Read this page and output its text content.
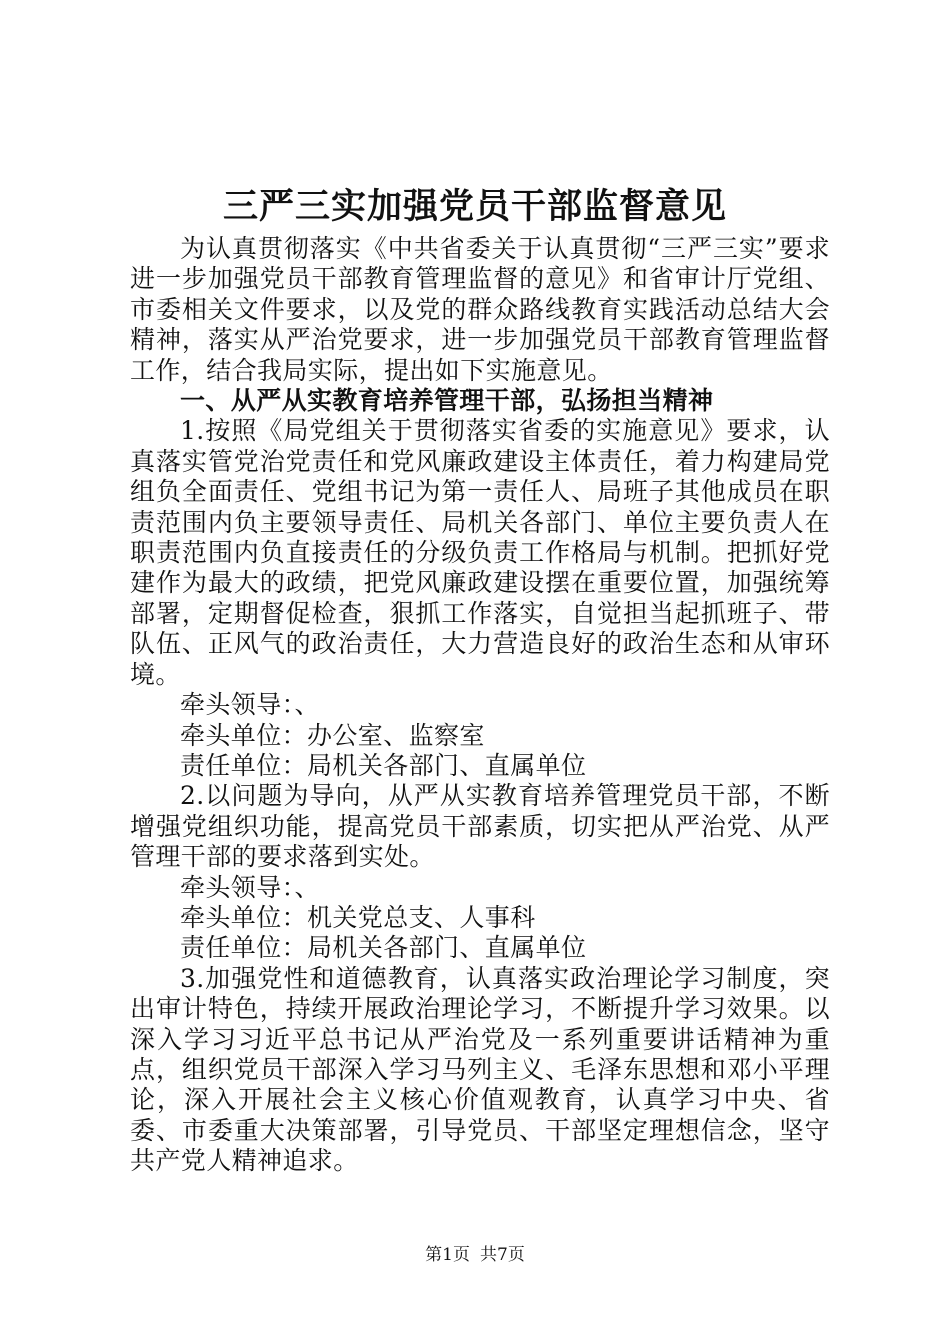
三严三实加强党员干部监督意见

为认真贯彻落实《中共省委关于认真贯彻“三严三实”要求进一步加强党员干部教育管理监督的意见》和省审计厅党组、市委相关文件要求，以及党的群众路线教育实践活动总结大会精神，落实从严治党要求，进一步加强党员干部教育管理监督工作，结合我局实际，提出如下实施意见。

一、从严从实教育培养管理干部，弘扬担当精神

1.按照《局党组关于贯彻落实省委的实施意见》要求，认真落实管党治党责任和党风廉政建设主体责任，着力构建局党组负全面责任、党组书记为第一责任人、局班子其他成员在职责范围内负主要领导责任、局机关各部门、单位主要负责人在职责范围内负直接责任的分级负责工作格局与机制。把抓好党建作为最大的政绩，把党风廉政建设摆在重要位置，加强统筹部署，定期督促检查，狠抓工作落实，自觉担当起抓班子、带队伍、正风气的政治责任，大力营造良好的政治生态和从审环境。

牵头领导：、

牵头单位：办公室、监察室

责任单位：局机关各部门、直属单位

2.以问题为导向，从严从实教育培养管理党员干部，不断增强党组织功能，提高党员干部素质，切实把从严治党、从严管理干部的要求落到实处。

牵头领导：、

牵头单位：机关党总支、人事科

责任单位：局机关各部门、直属单位

3.加强党性和道德教育，认真落实政治理论学习制度，突出审计特色，持续开展政治理论学习，不断提升学习效果。以深入学习习近平总书记从严治党及一系列重要讲话精神为重点，组织党员干部深入学习马列主义、毛泽东思想和邓小平理论，深入开展社会主义核心价值观教育，认真学习中央、省委、市委重大决策部署，引导党员、干部坚定理想信念，坚守共产党人精神追求。

第1页 共7页
